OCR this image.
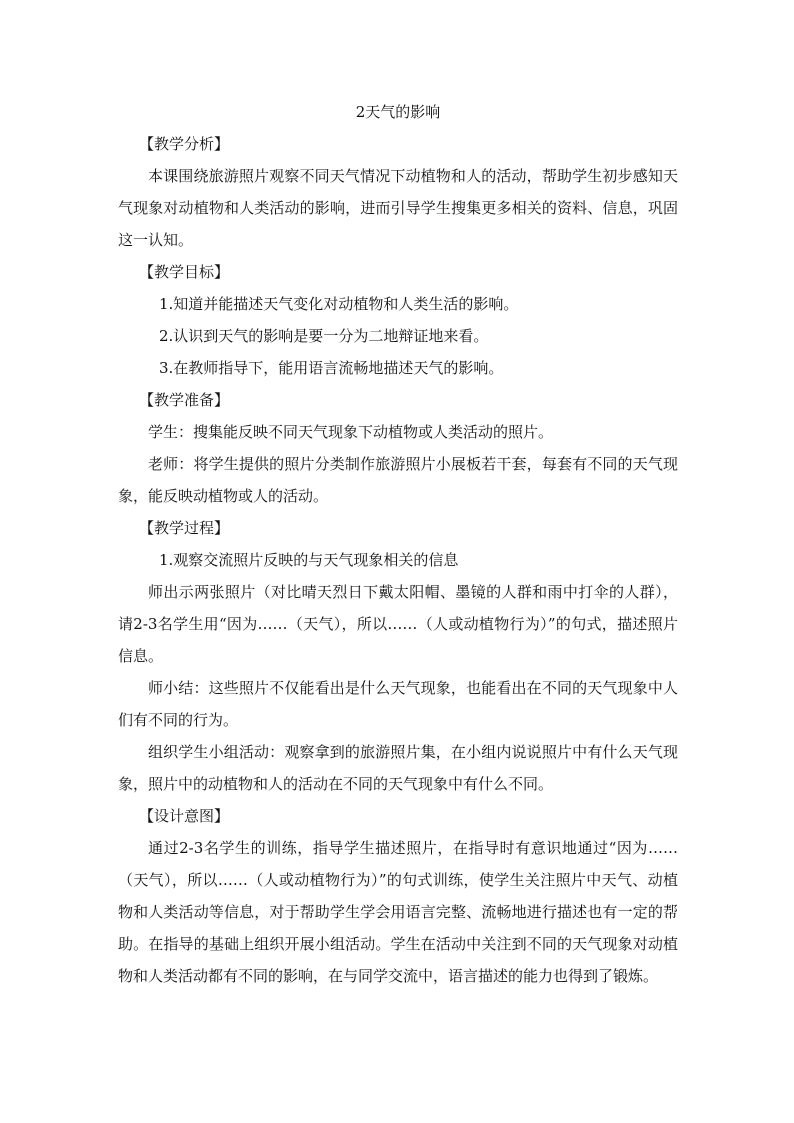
2天气的影响

【教学分析】

本课围绕旅游照片观察不同天气情况下动植物和人的活动，帮助学生初步感知天气现象对动植物和人类活动的影响，进而引导学生搜集更多相关的资料、信息，巩固这一认知。

【教学目标】

1.知道并能描述天气变化对动植物和人类生活的影响。

2.认识到天气的影响是要一分为二地辩证地来看。

3.在教师指导下，能用语言流畅地描述天气的影响。

【教学准备】

学生：搜集能反映不同天气现象下动植物或人类活动的照片。

老师：将学生提供的照片分类制作旅游照片小展板若干套，每套有不同的天气现象，能反映动植物或人的活动。

【教学过程】

1.观察交流照片反映的与天气现象相关的信息

师出示两张照片（对比晴天烈日下戴太阳帽、墨镜的人群和雨中打伞的人群），请2-3名学生用“因为……（天气），所以……（人或动植物行为）”的句式，描述照片信息。

师小结：这些照片不仅能看出是什么天气现象，也能看出在不同的天气现象中人们有不同的行为。

组织学生小组活动：观察拿到的旅游照片集，在小组内说说照片中有什么天气现象，照片中的动植物和人的活动在不同的天气现象中有什么不同。

【设计意图】

通过2-3名学生的训练，指导学生描述照片，在指导时有意识地通过“因为……（天气），所以……（人或动植物行为）”的句式训练，使学生关注照片中天气、动植物和人类活动等信息，对于帮助学生学会用语言完整、流畅地进行描述也有一定的帮助。在指导的基础上组织开展小组活动。学生在活动中关注到不同的天气现象对动植物和人类活动都有不同的影响，在与同学交流中，语言描述的能力也得到了锻炼。
